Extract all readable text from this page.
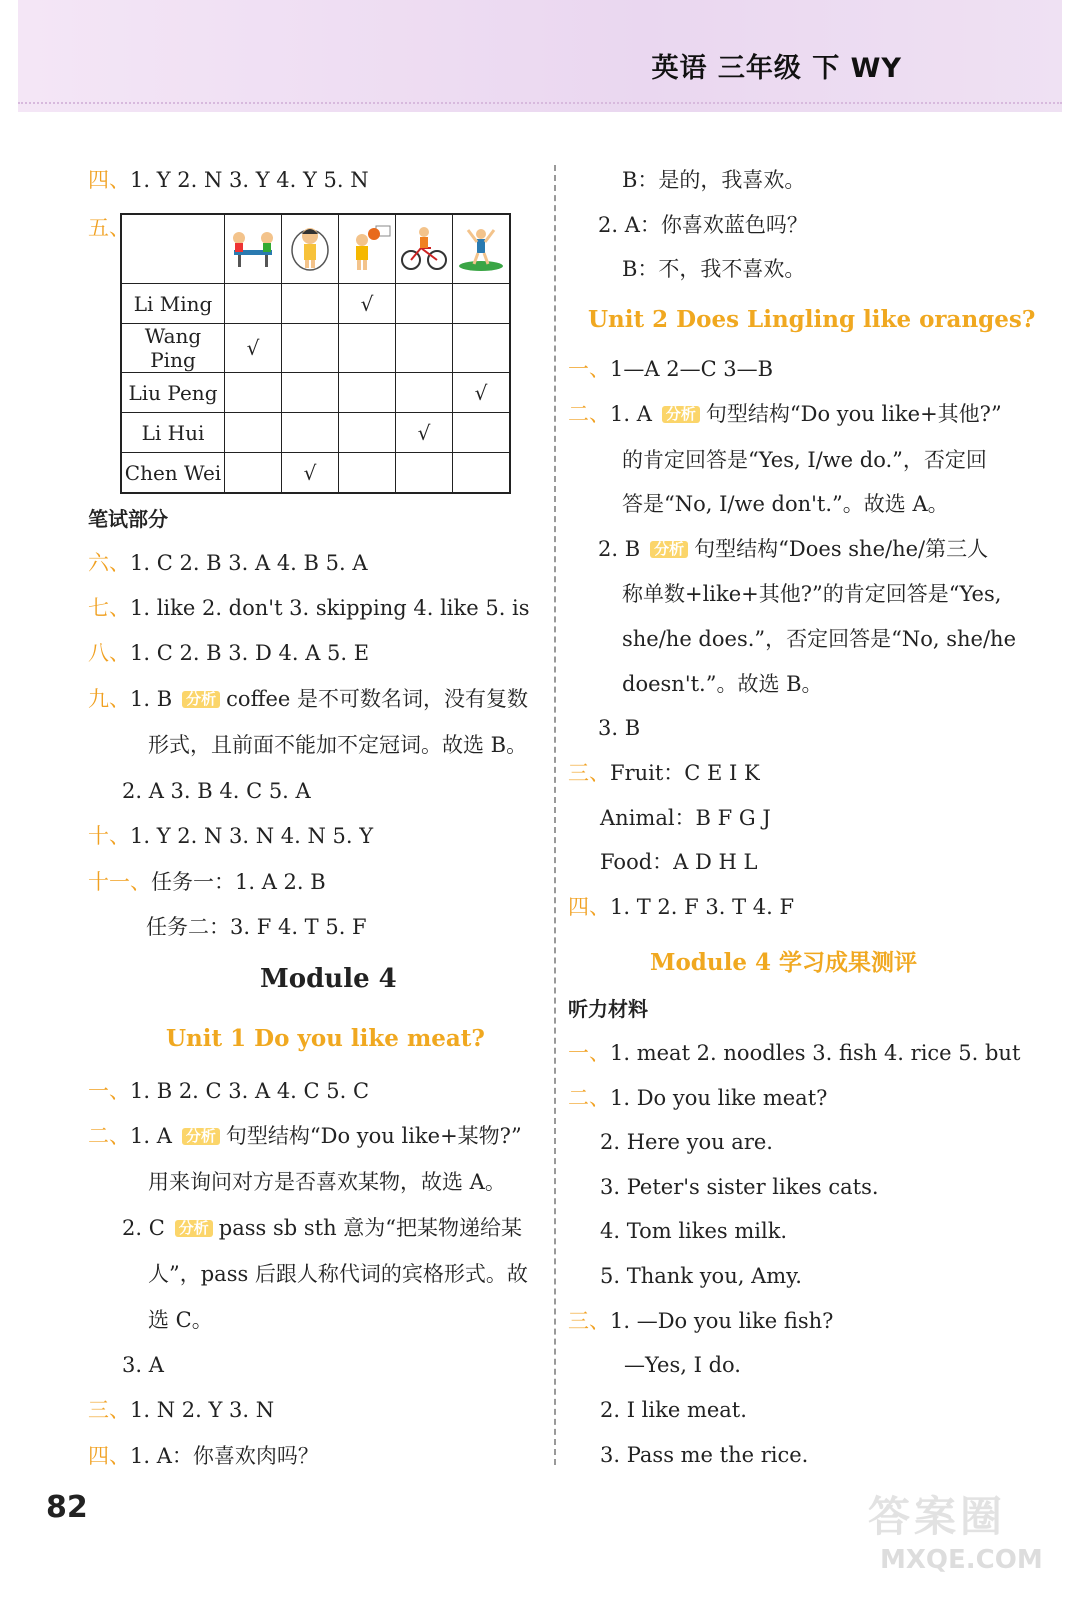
英语 三年级 下 WY
四、1. Y 2. N 3. Y 4. Y 5. N
五、

Li Ming			√		
Wang Ping	√				
Liu Peng					√
Li Hui				√	
Chen Wei		√			
笔试部分
六、1. C 2. B 3. A 4. B 5. A
七、1. like 2. don't 3. skipping 4. like 5. is
八、1. C 2. B 3. D 4. A 5. E
九、1. B 分析 coffee 是不可数名词，没有复数
形式，且前面不能加不定冠词。故选 B。
2. A 3. B 4. C 5. A
十、1. Y 2. N 3. N 4. N 5. Y
十一、任务一：1. A 2. B
任务二：3. F 4. T 5. F
Module 4
Unit 1 Do you like meat?
一、1. B 2. C 3. A 4. C 5. C
二、1. A 分析 句型结构“Do you like+某物?”
用来询问对方是否喜欢某物，故选 A。
2. C 分析 pass sb sth 意为“把某物递给某
人”，pass 后跟人称代词的宾格形式。故
选 C。
3. A
三、1. N 2. Y 3. N
四、1. A：你喜欢肉吗？
B：是的，我喜欢。
2. A：你喜欢蓝色吗？
B：不，我不喜欢。
Unit 2 Does Lingling like oranges?
一、1—A 2—C 3—B
二、1. A 分析 句型结构“Do you like+其他?”
的肯定回答是“Yes, I/we do.”，否定回
答是“No, I/we don't.”。故选 A。
2. B 分析 句型结构“Does she/he/第三人
称单数+like+其他?”的肯定回答是“Yes,
she/he does.”，否定回答是“No, she/he
doesn't.”。故选 B。
3. B
三、Fruit：C E I K
Animal：B F G J
Food：A D H L
四、1. T 2. F 3. T 4. F
Module 4 学习成果测评
听力材料
一、1. meat 2. noodles 3. fish 4. rice 5. but
二、1. Do you like meat?
2. Here you are.
3. Peter's sister likes cats.
4. Tom likes milk.
5. Thank you, Amy.
三、1. —Do you like fish?
—Yes, I do.
2. I like meat.
3. Pass me the rice.
82	答案圈
MXQE.COM
